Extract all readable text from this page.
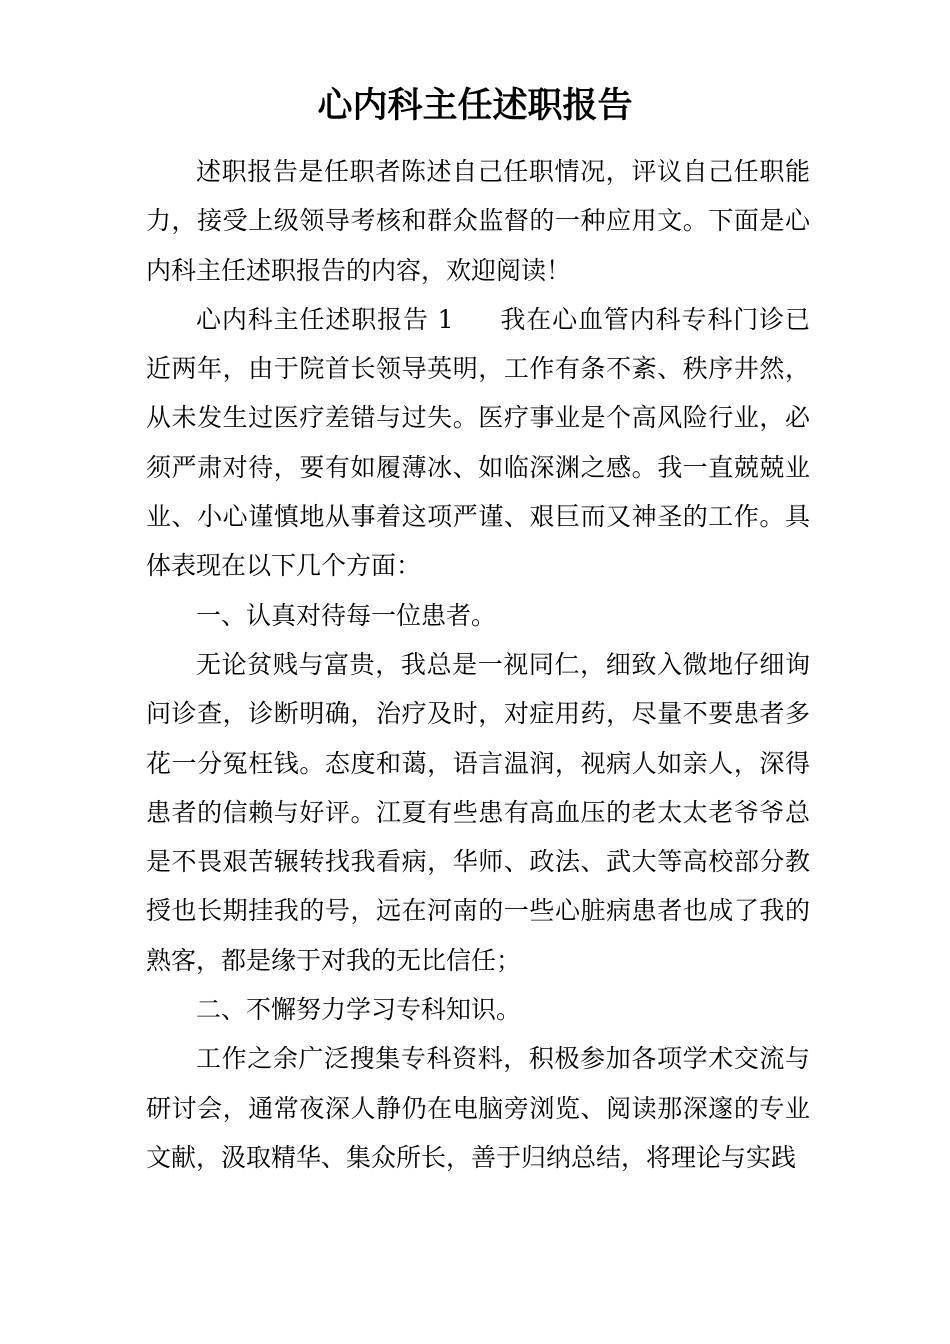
心内科主任述职报告

述职报告是任职者陈述自己任职情况，评议自己任职能力，接受上级领导考核和群众监督的一种应用文。下面是心内科主任述职报告的内容，欢迎阅读！

心内科主任述职报告 1 我在心血管内科专科门诊已近两年，由于院首长领导英明，工作有条不紊、秩序井然，从未发生过医疗差错与过失。医疗事业是个高风险行业，必须严肃对待，要有如履薄冰、如临深渊之感。我一直兢兢业业、小心谨慎地从事着这项严谨、艰巨而又神圣的工作。具体表现在以下几个方面：

一、认真对待每一位患者。

无论贫贱与富贵，我总是一视同仁，细致入微地仔细询问诊查，诊断明确，治疗及时，对症用药，尽量不要患者多花一分冤枉钱。态度和蔼，语言温润，视病人如亲人，深得患者的信赖与好评。江夏有些患有高血压的老太太老爷爷总是不畏艰苦辗转找我看病，华师、政法、武大等高校部分教授也长期挂我的号，远在河南的一些心脏病患者也成了我的熟客，都是缘于对我的无比信任；

二、不懈努力学习专科知识。

工作之余广泛搜集专科资料，积极参加各项学术交流与研讨会，通常夜深人静仍在电脑旁浏览、阅读那深邃的专业文献，汲取精华、集众所长，善于归纳总结，将理论与实践
